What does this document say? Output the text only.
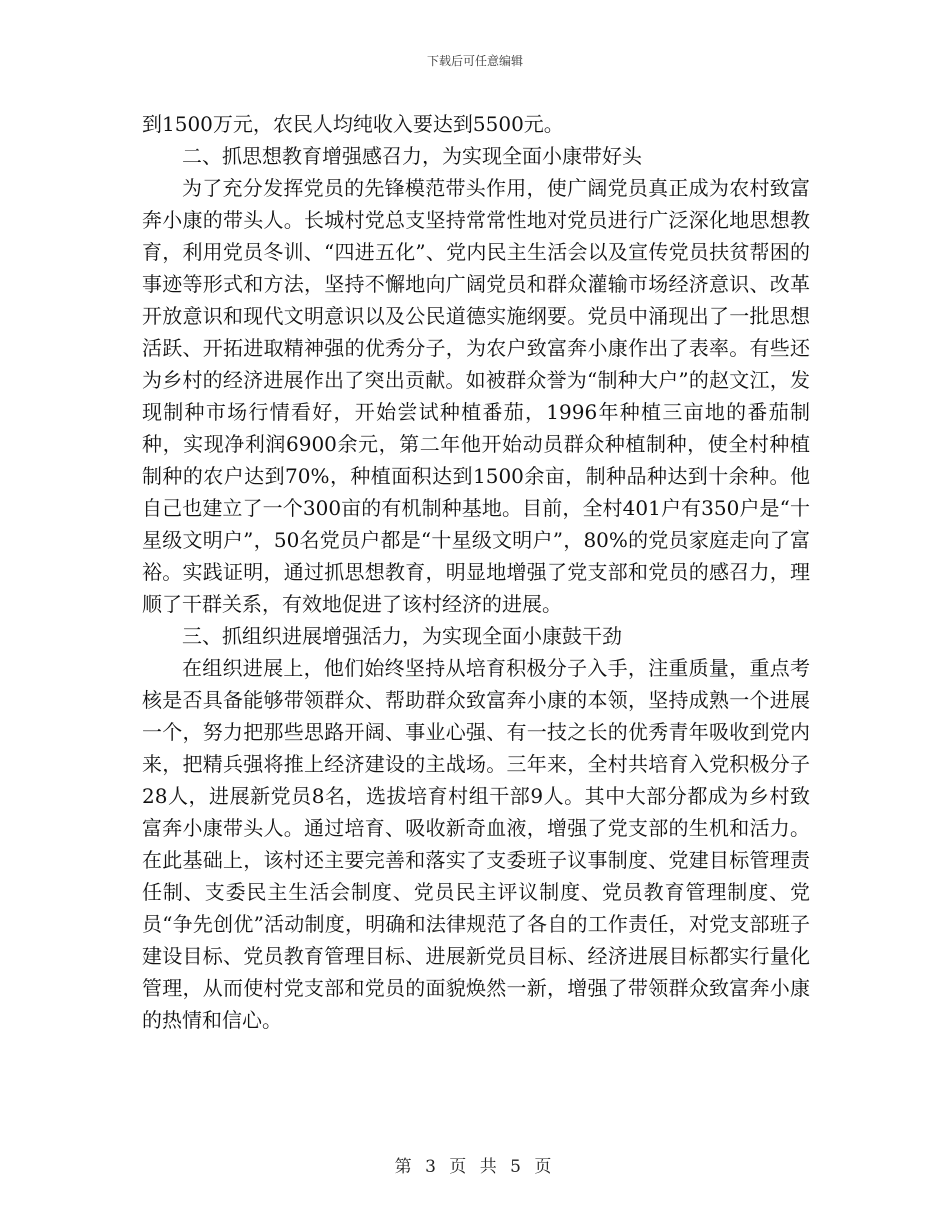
下载后可任意编辑

到1500万元，农民人均纯收入要达到5500元。

二、抓思想教育增强感召力，为实现全面小康带好头

为了充分发挥党员的先锋模范带头作用，使广阔党员真正成为农村致富奔小康的带头人。长城村党总支坚持常常性地对党员进行广泛深化地思想教育，利用党员冬训、“四进五化”、党内民主生活会以及宣传党员扶贫帮困的事迹等形式和方法，坚持不懈地向广阔党员和群众灌输市场经济意识、改革开放意识和现代文明意识以及公民道德实施纲要。党员中涌现出了一批思想活跃、开拓进取精神强的优秀分子，为农户致富奔小康作出了表率。有些还为乡村的经济进展作出了突出贡献。如被群众誉为“制种大户”的赵文江，发现制种市场行情看好，开始尝试种植番茄，1996年种植三亩地的番茄制种，实现净利润6900余元，第二年他开始动员群众种植制种，使全村种植制种的农户达到70%，种植面积达到1500余亩，制种品种达到十余种。他自己也建立了一个300亩的有机制种基地。目前，全村401户有350户是“十星级文明户”，50名党员户都是“十星级文明户”，80%的党员家庭走向了富裕。实践证明，通过抓思想教育，明显地增强了党支部和党员的感召力，理顺了干群关系，有效地促进了该村经济的进展。

三、抓组织进展增强活力，为实现全面小康鼓干劲

在组织进展上，他们始终坚持从培育积极分子入手，注重质量，重点考核是否具备能够带领群众、帮助群众致富奔小康的本领，坚持成熟一个进展一个，努力把那些思路开阔、事业心强、有一技之长的优秀青年吸收到党内来，把精兵强将推上经济建设的主战场。三年来，全村共培育入党积极分子28人，进展新党员8名，选拔培育村组干部9人。其中大部分都成为乡村致富奔小康带头人。通过培育、吸收新奇血液，增强了党支部的生机和活力。在此基础上，该村还主要完善和落实了支委班子议事制度、党建目标管理责任制、支委民主生活会制度、党员民主评议制度、党员教育管理制度、党员“争先创优”活动制度，明确和法律规范了各自的工作责任，对党支部班子建设目标、党员教育管理目标、进展新党员目标、经济进展目标都实行量化管理，从而使村党支部和党员的面貌焕然一新，增强了带领群众致富奔小康的热情和信心。

第 3 页 共 5 页
